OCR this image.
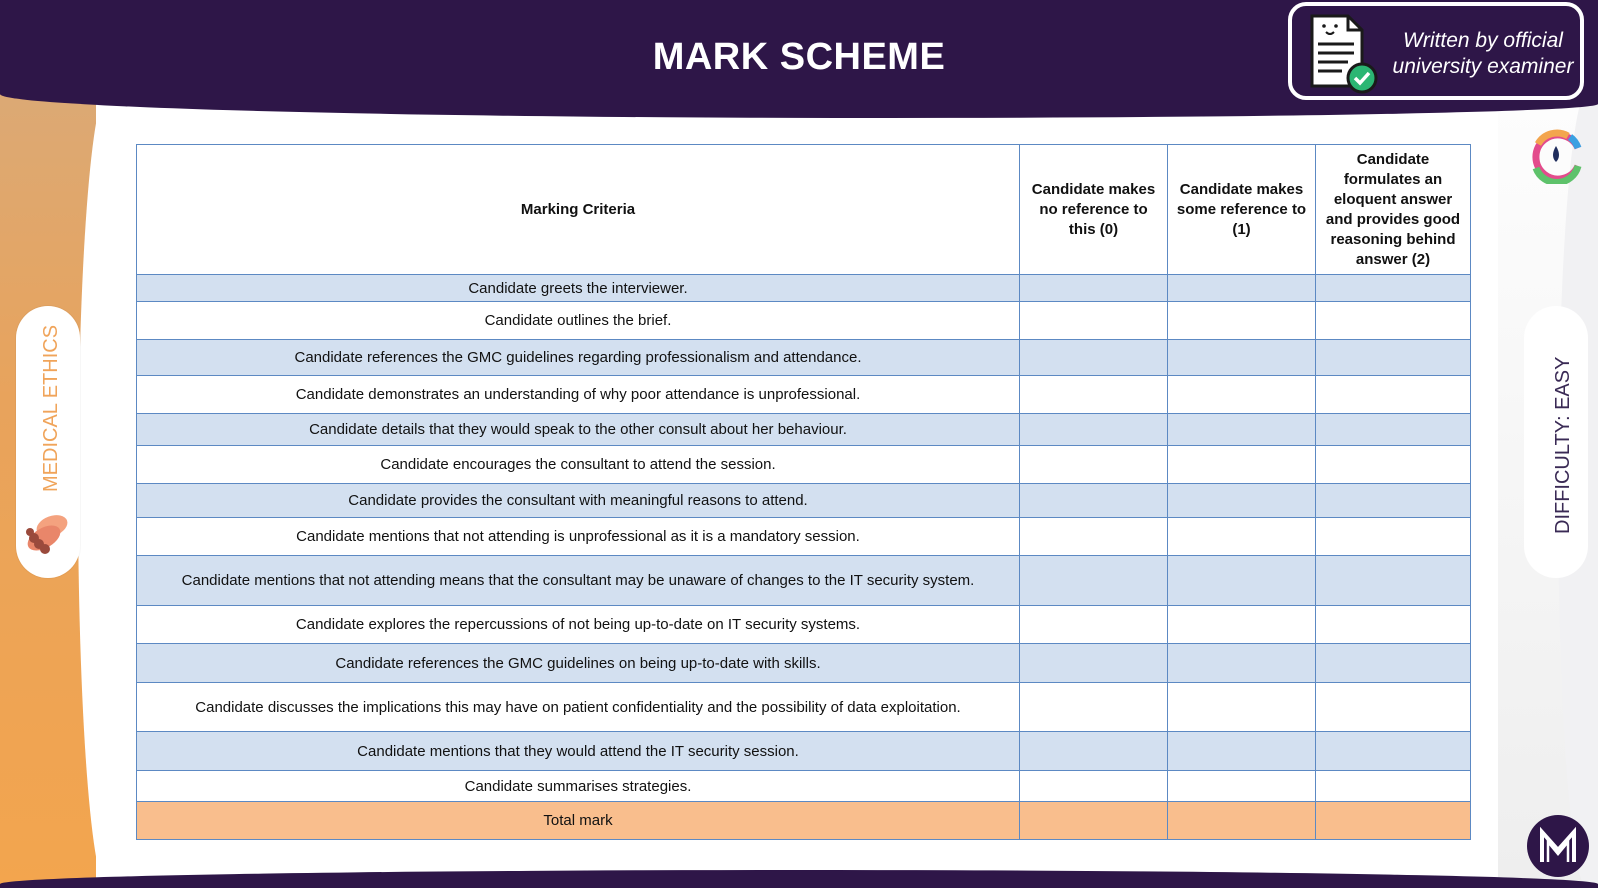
MARK SCHEME	Written by official
university examiner
MEDICAL ETHICS	DIFFICULTY: EASY
Marking Criteria	Candidate makes no reference to this (0)	Candidate makes some reference to (1)	Candidate formulates an eloquent answer and provides good reasoning behind answer (2)
Candidate greets the interviewer.			
Candidate outlines the brief.			
Candidate references the GMC guidelines regarding professionalism and attendance.			
Candidate demonstrates an understanding of why poor attendance is unprofessional.			
Candidate details that they would speak to the other consult about her behaviour.			
Candidate encourages the consultant to attend the session.			
Candidate provides the consultant with meaningful reasons to attend.			
Candidate mentions that not attending is unprofessional as it is a mandatory session.			
Candidate mentions that not attending means that the consultant may be unaware of changes to the IT security system.			
Candidate explores the repercussions of not being up-to-date on IT security systems.			
Candidate references the GMC guidelines on being up-to-date with skills.			
Candidate discusses the implications this may have on patient confidentiality and the possibility of data exploitation.			
Candidate mentions that they would attend the IT security session.			
Candidate summarises strategies.			
Total mark			
